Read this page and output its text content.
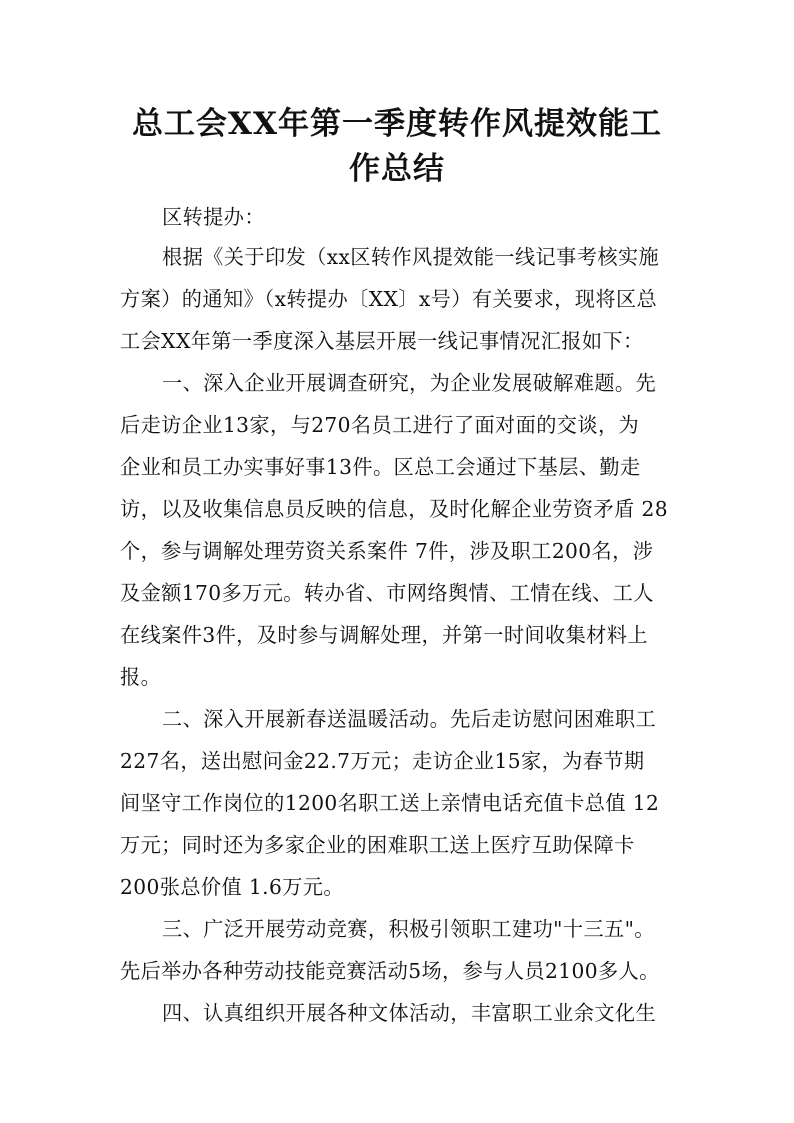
总工会XX年第一季度转作风提效能工
作总结
区转提办：
根据《关于印发（xx区转作风提效能一线记事考核实施
方案）的通知》（x转提办〔XX〕x号）有关要求，现将区总
工会XX年第一季度深入基层开展一线记事情况汇报如下：
一、深入企业开展调查研究，为企业发展破解难题。先
后走访企业13家，与270名员工进行了面对面的交谈，为
企业和员工办实事好事13件。区总工会通过下基层、勤走
访，以及收集信息员反映的信息，及时化解企业劳资矛盾 28
个，参与调解处理劳资关系案件 7件，涉及职工200名，涉
及金额170多万元。转办省、市网络舆情、工情在线、工人
在线案件3件，及时参与调解处理，并第一时间收集材料上
报。
二、深入开展新春送温暖活动。先后走访慰问困难职工
227名，送出慰问金22.7万元；走访企业15家，为春节期
间坚守工作岗位的1200名职工送上亲情电话充值卡总值 12
万元；同时还为多家企业的困难职工送上医疗互助保障卡
200张总价值 1.6万元。
三、广泛开展劳动竞赛，积极引领职工建功"十三五"。
先后举办各种劳动技能竞赛活动5场，参与人员2100多人。
四、认真组织开展各种文体活动，丰富职工业余文化生
